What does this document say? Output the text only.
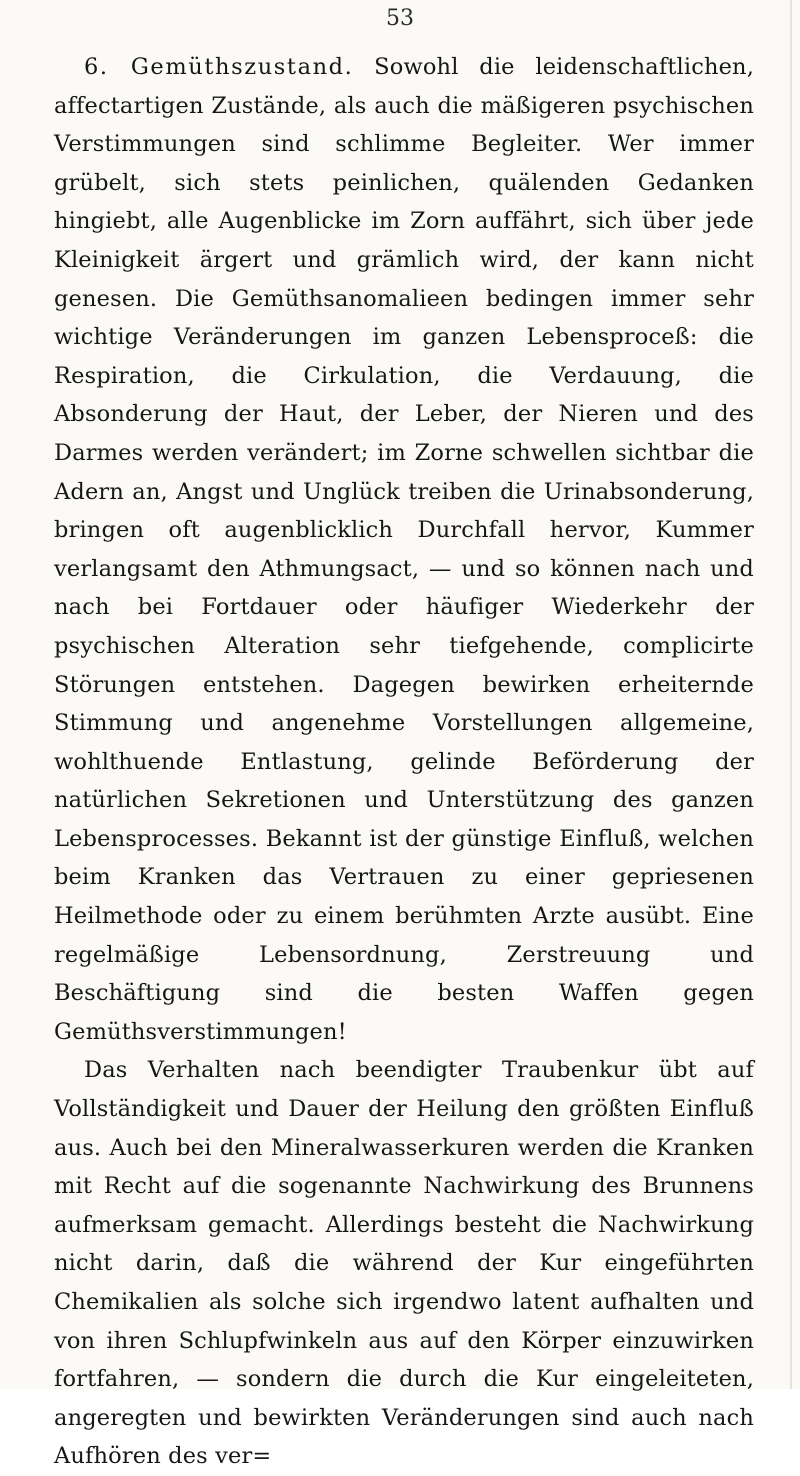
53

6. Gemüthszustand. Sowohl die leidenschaftlichen, affectartigen Zustände, als auch die mäßigeren psychischen Verstimmungen sind schlimme Begleiter. Wer immer grübelt, sich stets peinlichen, quälenden Gedanken hingiebt, alle Augenblicke im Zorn auffährt, sich über jede Kleinigkeit ärgert und grämlich wird, der kann nicht genesen. Die Gemüthsanomalieen bedingen immer sehr wichtige Veränderungen im ganzen Lebensproceß: die Respiration, die Cirkulation, die Verdauung, die Absonderung der Haut, der Leber, der Nieren und des Darmes werden verändert; im Zorne schwellen sichtbar die Adern an, Angst und Unglück treiben die Urinabsonderung, bringen oft augenblicklich Durchfall hervor, Kummer verlangsamt den Athmungsact, — und so können nach und nach bei Fortdauer oder häufiger Wiederkehr der psychischen Alteration sehr tiefgehende, complicirte Störungen entstehen. Dagegen bewirken erheiternde Stimmung und angenehme Vorstellungen allgemeine, wohlthuende Entlastung, gelinde Beförderung der natürlichen Sekretionen und Unterstützung des ganzen Lebensprocesses. Bekannt ist der günstige Einfluß, welchen beim Kranken das Vertrauen zu einer gepriesenen Heilmethode oder zu einem berühmten Arzte ausübt. Eine regelmäßige Lebensordnung, Zerstreuung und Beschäftigung sind die besten Waffen gegen Gemüthsverstimmungen!

Das Verhalten nach beendigter Traubenkur übt auf Vollständigkeit und Dauer der Heilung den größten Einfluß aus. Auch bei den Mineralwasserkuren werden die Kranken mit Recht auf die sogenannte Nachwirkung des Brunnens aufmerksam gemacht. Allerdings besteht die Nachwirkung nicht darin, daß die während der Kur eingeführten Chemikalien als solche sich irgendwo latent aufhalten und von ihren Schlupfwinkeln aus auf den Körper einzuwirken fortfahren, — sondern die durch die Kur eingeleiteten, angeregten und bewirkten Veränderungen sind auch nach Aufhören des ver=
